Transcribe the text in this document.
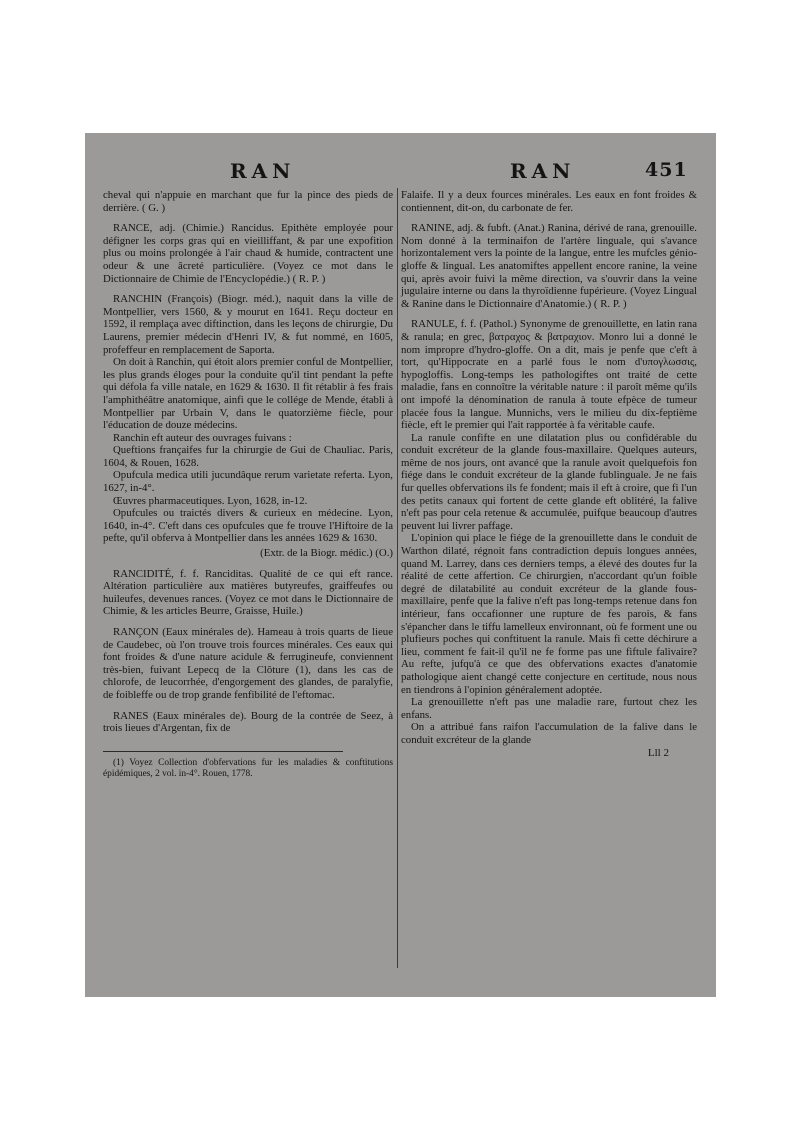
RAN	RAN	451

cheval qui n'appuie en marchant que fur la pince des pieds de derrière. ( G. )

RANCE, adj. (Chimie.) Rancidus. Epithète employée pour défigner les corps gras qui en vieilliffant, & par une expofition plus ou moins prolongée à l'air chaud & humide, contractent une odeur & une âcreté particulière. (Voyez ce mot dans le Dictionnaire de Chimie de l'Encyclopédie.) ( R. P. )

RANCHIN (François) (Biogr. méd.), naquit dans la ville de Montpellier, vers 1560, & y mourut en 1641. Reçu docteur en 1592, il remplaça avec diftinction, dans les leçons de chirurgie, Du Laurens, premier médecin d'Henri IV, & fut nommé, en 1605, profeffeur en remplacement de Saporta.

On doit à Ranchin, qui étoit alors premier conful de Montpellier, les plus grands éloges pour la conduite qu'il tint pendant la pefte qui défola fa ville natale, en 1629 & 1630. Il fit rétablir à fes frais l'amphithéâtre anatomique, ainfi que le collége de Mende, établi à Montpellier par Urbain V, dans le quatorzième fiècle, pour l'éducation de douze médecins.

Ranchin eft auteur des ouvrages fuivans :

Queftions françaifes fur la chirurgie de Gui de Chauliac. Paris, 1604, & Rouen, 1628.

Opufcula medica utili jucundâque rerum varietate referta. Lyon, 1627, in-4°.

Œuvres pharmaceutiques. Lyon, 1628, in-12.

Opufcules ou traictés divers & curieux en médecine. Lyon, 1640, in-4°. C'eft dans ces opufcules que fe trouve l'Hiftoire de la pefte, qu'il obferva à Montpellier dans les années 1629 & 1630.

(Extr. de la Biogr. médic.) (O.)

RANCIDITÉ, f. f. Ranciditas. Qualité de ce qui eft rance. Altération particulière aux matières butyreufes, graiffeufes ou huileufes, devenues rances. (Voyez ce mot dans le Dictionnaire de Chimie, & les articles Beurre, Graisse, Huile.)

RANÇON (Eaux minérales de). Hameau à trois quarts de lieue de Caudebec, où l'on trouve trois fources minérales. Ces eaux qui font froides & d'une nature acidule & ferrugineufe, conviennent très-bien, fuivant Lepecq de la Clôture (1), dans les cas de chlorofe, de leucorrhée, d'engorgement des glandes, de paralyfie, de foibleffe ou de trop grande fenfibilité de l'eftomac.

RANES (Eaux minérales de). Bourg de la contrée de Seez, à trois lieues d'Argentan, fix de

(1) Voyez Collection d'obfervations fur les maladies & conftitutions épidémiques, 2 vol. in-4°. Rouen, 1778.

Falaife. Il y a deux fources minérales. Les eaux en font froides & contiennent, dit-on, du carbonate de fer.

RANINE, adj. & fubft. (Anat.) Ranina, dérivé de rana, grenouille. Nom donné à la terminaifon de l'artère linguale, qui s'avance horizontalement vers la pointe de la langue, entre les mufcles génio-gloffe & lingual. Les anatomiftes appellent encore ranine, la veine qui, après avoir fuivi la même direction, va s'ouvrir dans la veine jugulaire interne ou dans la thyroïdienne fupérieure. (Voyez Lingual & Ranine dans le Dictionnaire d'Anatomie.) ( R. P. )

RANULE, f. f. (Pathol.) Synonyme de grenouillette, en latin rana & ranula; en grec, βατραχος & βατραχιον. Monro lui a donné le nom impropre d'hydro-gloffe. On a dit, mais je penfe que c'eft à tort, qu'Hippocrate en a parlé fous le nom d'υπογλωσσις, hypogloffis. Long-temps les pathologiftes ont traité de cette maladie, fans en connoître la véritable nature : il paroît même qu'ils ont impofé la dénomination de ranula à toute efpèce de tumeur placée fous la langue. Munnichs, vers le milieu du dix-feptième fiècle, eft le premier qui l'ait rapportée à fa véritable caufe.

La ranule confifte en une dilatation plus ou confidérable du conduit excréteur de la glande fous-maxillaire. Quelques auteurs, même de nos jours, ont avancé que la ranule avoit quelquefois fon fiége dans le conduit excréteur de la glande fublinguale. Je ne fais fur quelles obfervations ils fe fondent; mais il eft à croire, que fi l'un des petits canaux qui fortent de cette glande eft oblitéré, la falive n'eft pas pour cela retenue & accumulée, puifque beaucoup d'autres peuvent lui livrer paffage.

L'opinion qui place le fiége de la grenouillette dans le conduit de Warthon dilaté, régnoit fans contradiction depuis longues années, quand M. Larrey, dans ces derniers temps, a élevé des doutes fur la réalité de cette affertion. Ce chirurgien, n'accordant qu'un foible degré de dilatabilité au conduit excréteur de la glande fous-maxillaire, penfe que la falive n'eft pas long-temps retenue dans fon intérieur, fans occafionner une rupture de fes parois, & fans s'épancher dans le tiffu lamelleux environnant, où fe forment une ou plufieurs poches qui conftituent la ranule. Mais fi cette déchirure a lieu, comment fe fait-il qu'il ne fe forme pas une fiftule falivaire? Au refte, jufqu'à ce que des obfervations exactes d'anatomie pathologique aient changé cette conjecture en certitude, nous nous en tiendrons à l'opinion généralement adoptée.

La grenouillette n'eft pas une maladie rare, furtout chez les enfans.

On a attribué fans raifon l'accumulation de la falive dans le conduit excréteur de la glande

Lll 2
